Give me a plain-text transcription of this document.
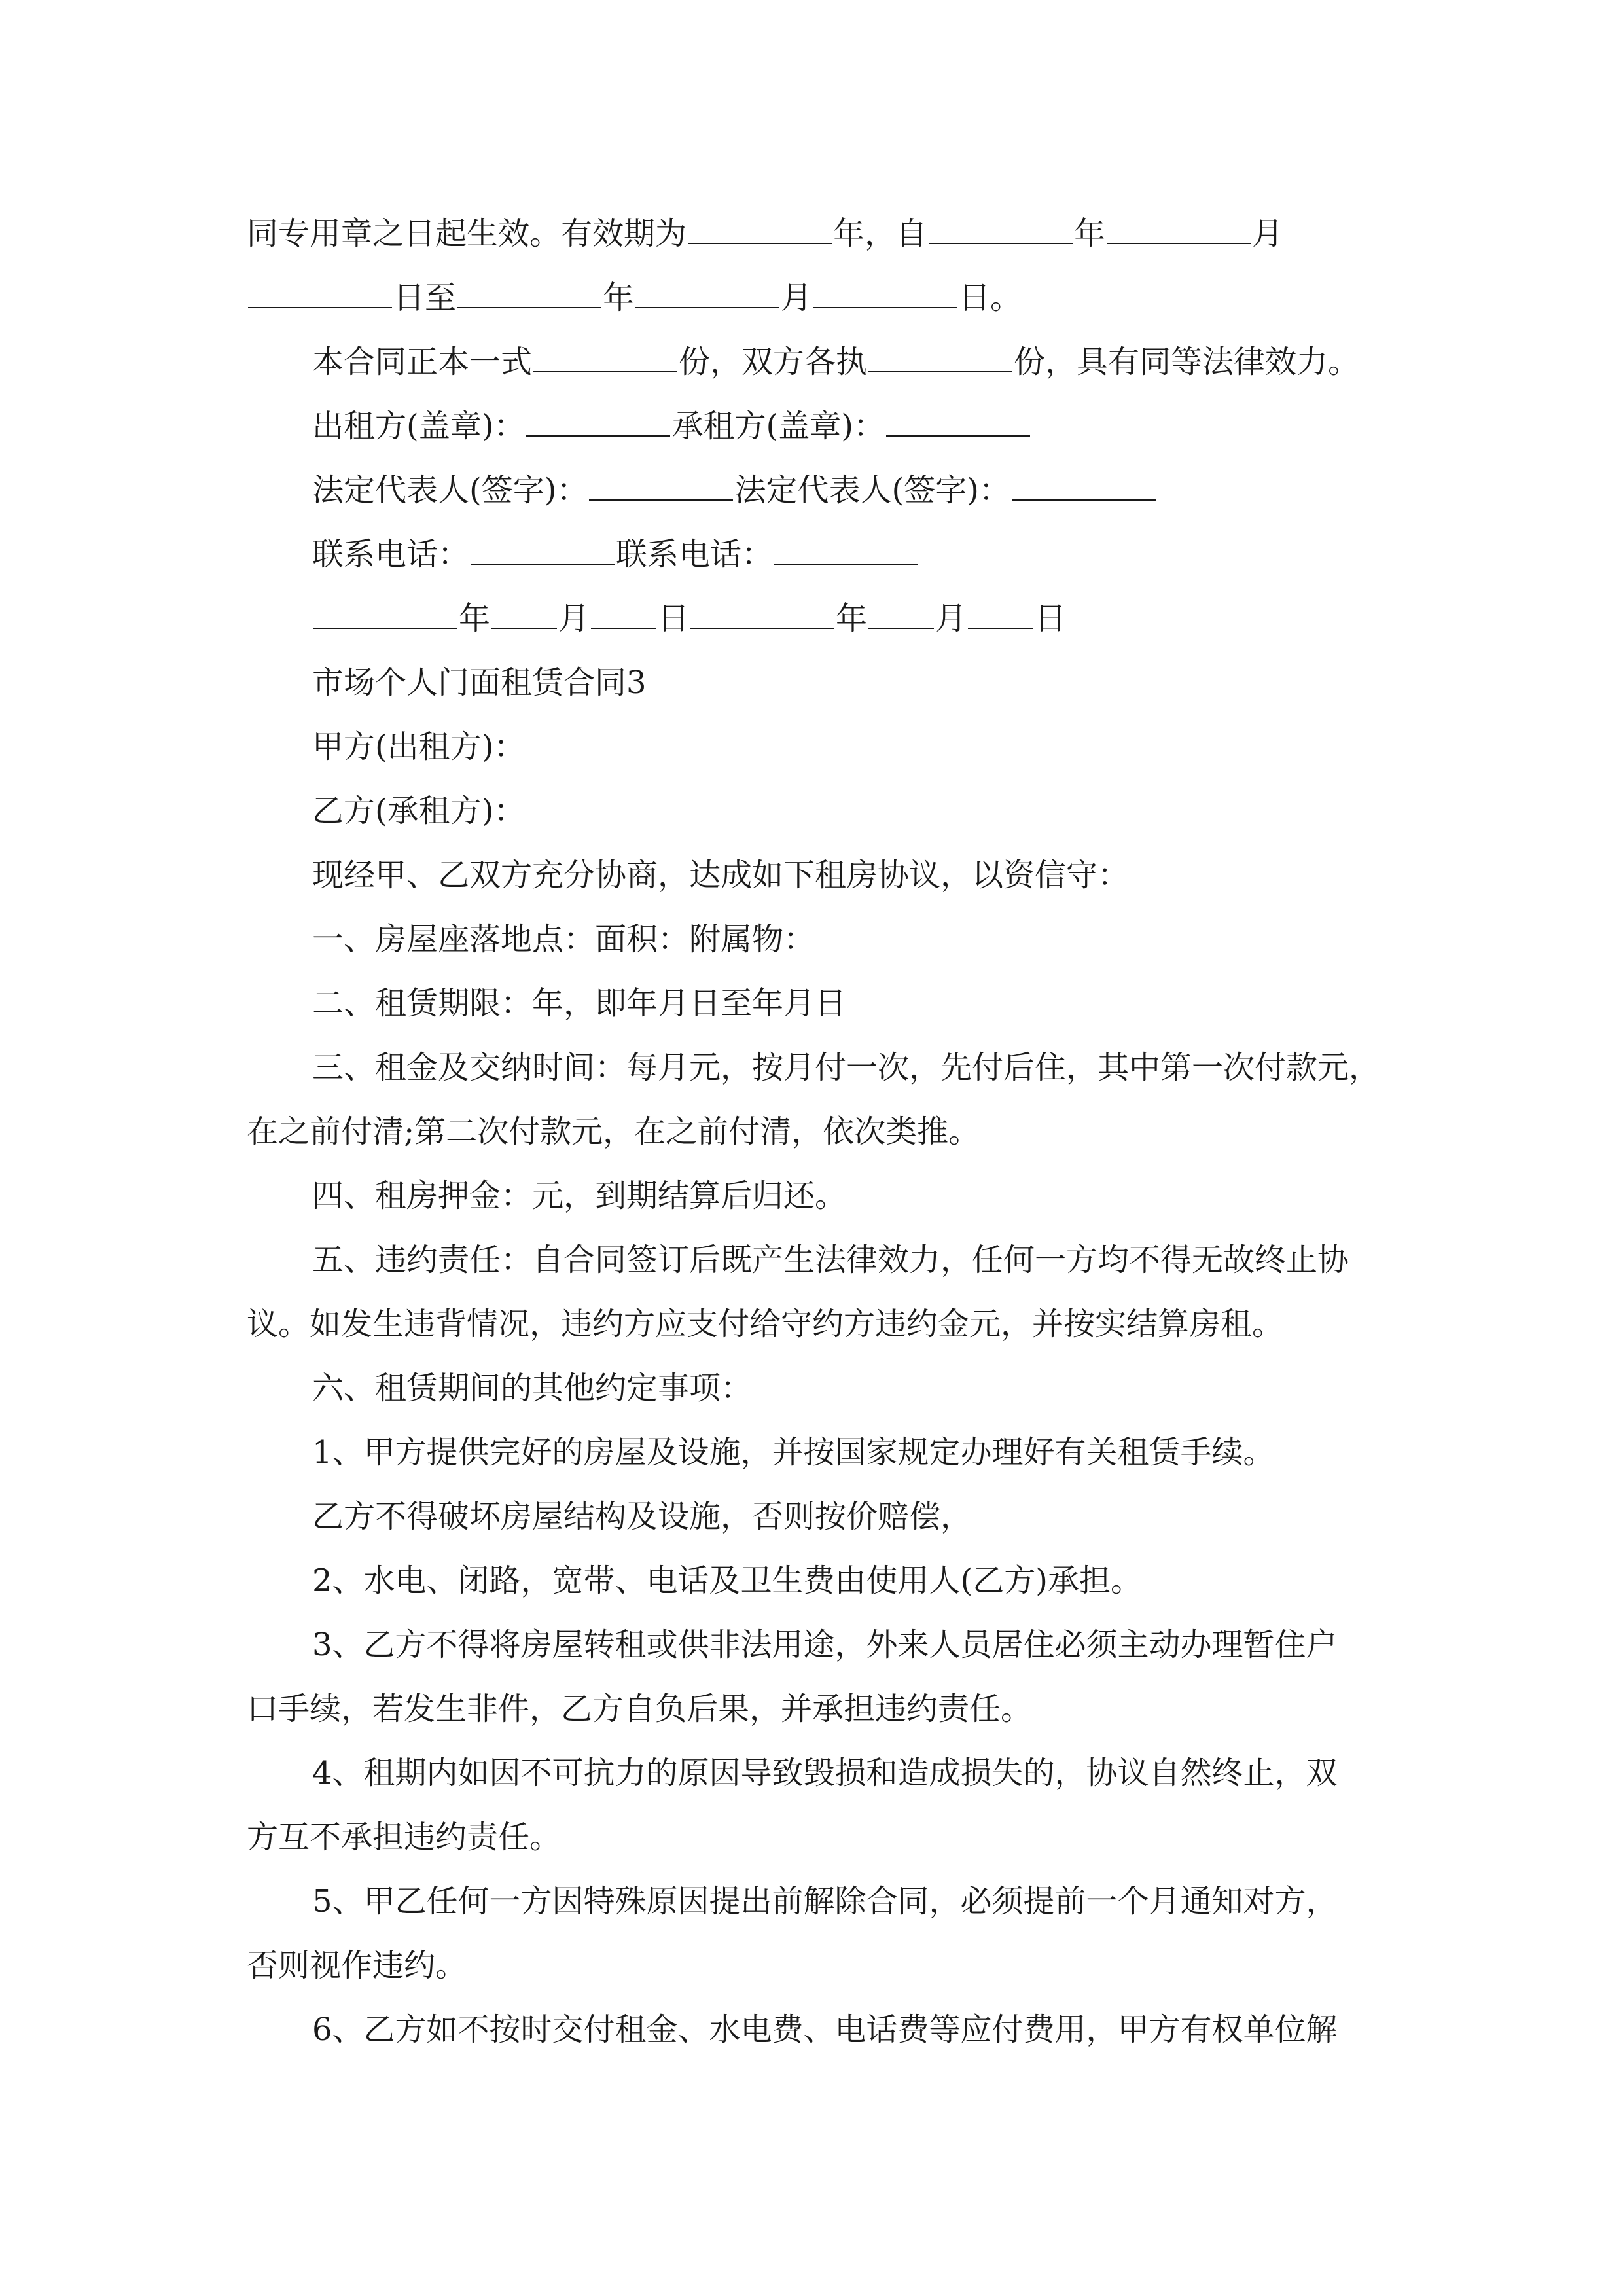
同专用章之日起生效。有效期为	年，自	年	月
日至	年	月	日。
本合同正本一式	份，双方各执	份，具有同等法律效力。
出租方(盖章)：	承租方(盖章)：
法定代表人(签字)：	法定代表人(签字)：
联系电话：	联系电话：
年 月 日	年 月 日
市场个人门面租赁合同3
甲方(出租方)：
乙方(承租方)：
现经甲、乙双方充分协商，达成如下租房协议，以资信守：
一、房屋座落地点：面积：附属物：
二、租赁期限：年，即年月日至年月日
三、租金及交纳时间：每月元，按月付一次，先付后住，其中第一次付款元，
在之前付清;第二次付款元，在之前付清，依次类推。
四、租房押金：元，到期结算后归还。
五、违约责任：自合同签订后既产生法律效力，任何一方均不得无故终止协
议。如发生违背情况，违约方应支付给守约方违约金元，并按实结算房租。
六、租赁期间的其他约定事项：
1、甲方提供完好的房屋及设施，并按国家规定办理好有关租赁手续。
乙方不得破坏房屋结构及设施，否则按价赔偿，
2、水电、闭路，宽带、电话及卫生费由使用人(乙方)承担。
3、乙方不得将房屋转租或供非法用途，外来人员居住必须主动办理暂住户
口手续，若发生非件，乙方自负后果，并承担违约责任。
4、租期内如因不可抗力的原因导致毁损和造成损失的，协议自然终止，双
方互不承担违约责任。
5、甲乙任何一方因特殊原因提出前解除合同，必须提前一个月通知对方，
否则视作违约。
6、乙方如不按时交付租金、水电费、电话费等应付费用，甲方有权单位解
